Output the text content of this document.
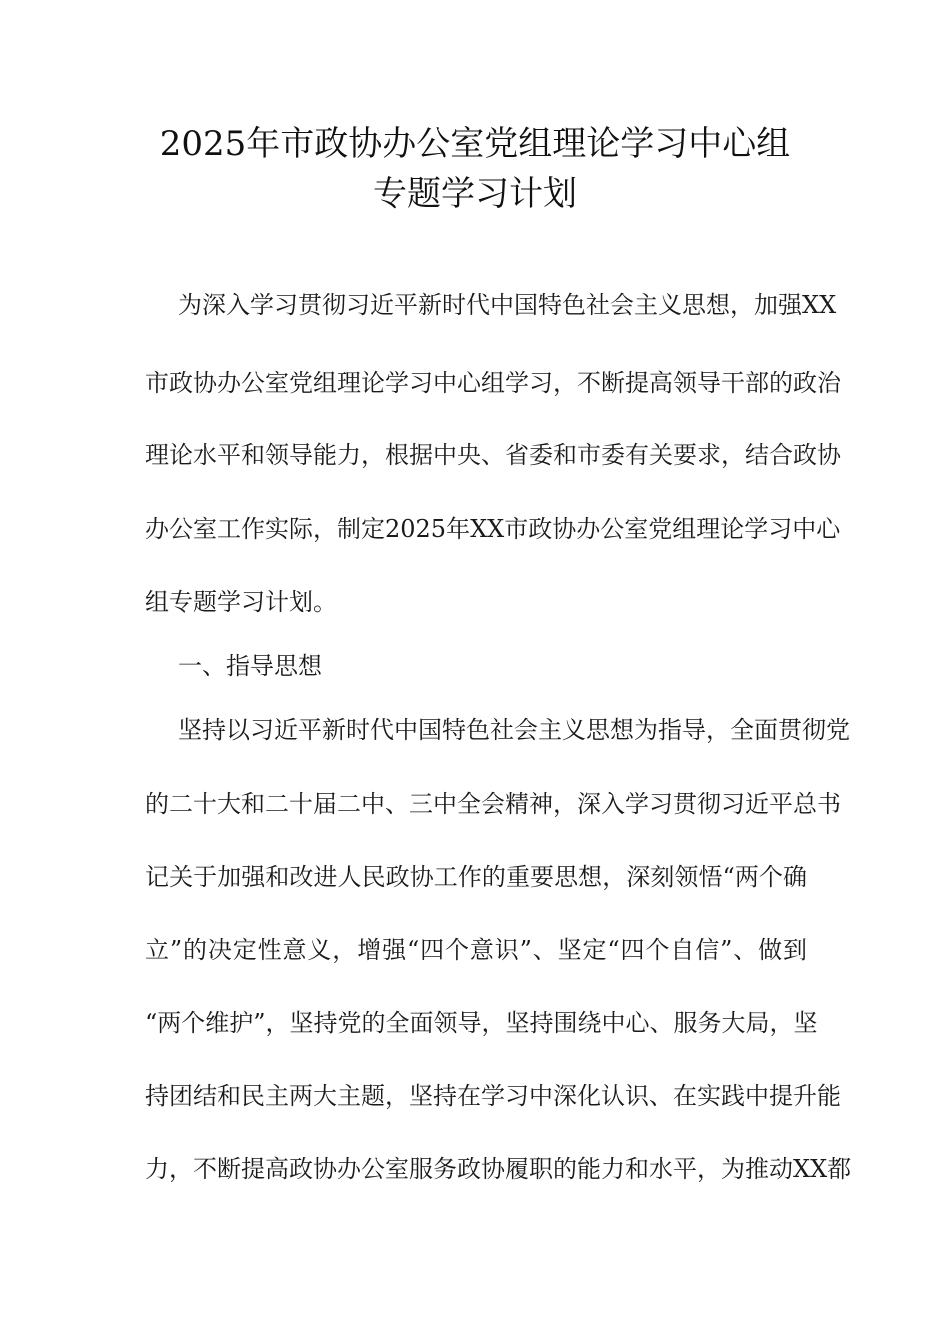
2025年市政协办公室党组理论学习中心组
专题学习计划
为深入学习贯彻习近平新时代中国特色社会主义思想，加强XX
市政协办公室党组理论学习中心组学习，不断提高领导干部的政治
理论水平和领导能力，根据中央、省委和市委有关要求，结合政协
办公室工作实际，制定2025年XX市政协办公室党组理论学习中心
组专题学习计划。
一、指导思想
坚持以习近平新时代中国特色社会主义思想为指导，全面贯彻党
的二十大和二十届二中、三中全会精神，深入学习贯彻习近平总书
记关于加强和改进人民政协工作的重要思想，深刻领悟“两个确
立”的决定性意义，增强“四个意识”、坚定“四个自信”、做到
“两个维护”，坚持党的全面领导，坚持围绕中心、服务大局，坚
持团结和民主两大主题，坚持在学习中深化认识、在实践中提升能
力，不断提高政协办公室服务政协履职的能力和水平，为推动XX都
